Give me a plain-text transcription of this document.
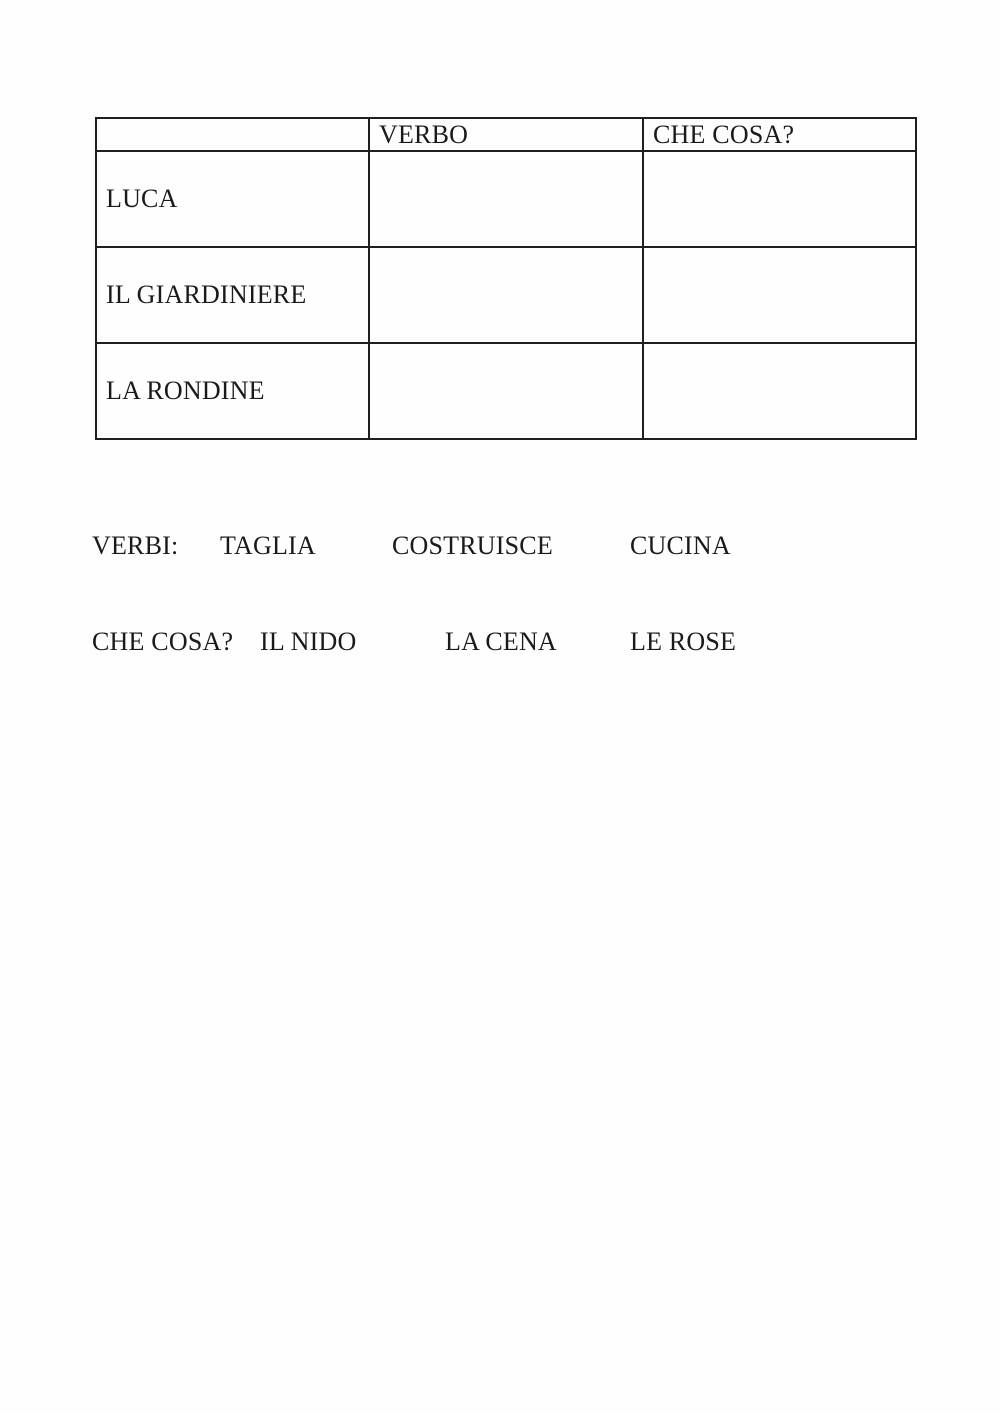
	VERBO	CHE COSA?
LUCA		
IL GIARDINIERE		
LA RONDINE		
VERBI: TAGLIA	COSTRUISCE	CUCINA
CHE COSA? IL NIDO	LA CENA	LE ROSE
